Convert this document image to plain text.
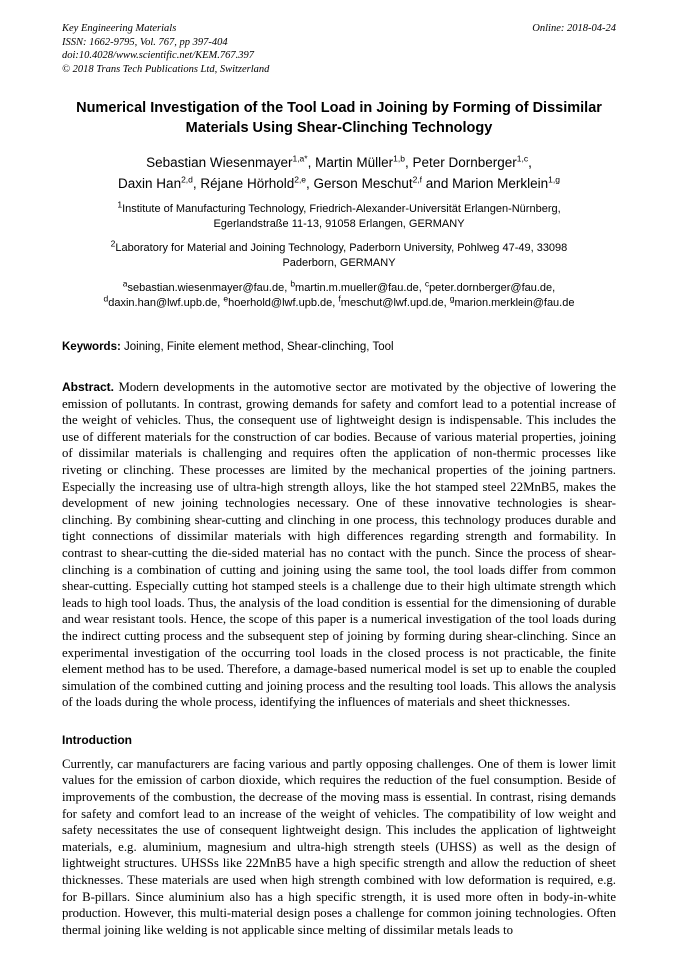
Key Engineering Materials
ISSN: 1662-9795, Vol. 767, pp 397-404
doi:10.4028/www.scientific.net/KEM.767.397
© 2018 Trans Tech Publications Ltd, Switzerland
Online: 2018-04-24
Numerical Investigation of the Tool Load in Joining by Forming of Dissimilar Materials Using Shear-Clinching Technology
Sebastian Wiesenmayer$^{1,a*}$, Martin Müller$^{1,b}$, Peter Dornberger$^{1,c}$,
Daxin Han$^{2,d}$, Réjane Hörhold$^{2,e}$, Gerson Meschut$^{2,f}$ and Marion Merklein$^{1,g}$
$^1$Institute of Manufacturing Technology, Friedrich-Alexander-Universität Erlangen-Nürnberg, Egerlandstraße 11-13, 91058 Erlangen, GERMANY
$^2$Laboratory for Material and Joining Technology, Paderborn University, Pohlweg 47-49, 33098 Paderborn, GERMANY
$^a$sebastian.wiesenmayer@fau.de, $^b$martin.m.mueller@fau.de, $^c$peter.dornberger@fau.de,
$^d$daxin.han@lwf.upb.de, $^e$hoerhold@lwf.upb.de, $^f$meschut@lwf.upd.de, $^g$marion.merklein@fau.de
Keywords: Joining, Finite element method, Shear-clinching, Tool
Abstract. Modern developments in the automotive sector are motivated by the objective of lowering the emission of pollutants. In contrast, growing demands for safety and comfort lead to a potential increase of the weight of vehicles. Thus, the consequent use of lightweight design is indispensable. This includes the use of different materials for the construction of car bodies. Because of various material properties, joining of dissimilar materials is challenging and requires often the application of non-thermic processes like riveting or clinching. These processes are limited by the mechanical properties of the joining partners. Especially the increasing use of ultra-high strength alloys, like the hot stamped steel 22MnB5, makes the development of new joining technologies necessary. One of these innovative technologies is shear-clinching. By combining shear-cutting and clinching in one process, this technology produces durable and tight connections of dissimilar materials with high differences regarding strength and formability. In contrast to shear-cutting the die-sided material has no contact with the punch. Since the process of shear-clinching is a combination of cutting and joining using the same tool, the tool loads differ from common shear-cutting. Especially cutting hot stamped steels is a challenge due to their high ultimate strength which leads to high tool loads. Thus, the analysis of the load condition is essential for the dimensioning of durable and wear resistant tools. Hence, the scope of this paper is a numerical investigation of the tool loads during the indirect cutting process and the subsequent step of joining by forming during shear-clinching. Since an experimental investigation of the occurring tool loads in the closed process is not practicable, the finite element method has to be used. Therefore, a damage-based numerical model is set up to enable the coupled simulation of the combined cutting and joining process and the resulting tool loads. This allows the analysis of the loads during the whole process, identifying the influences of materials and sheet thicknesses.
Introduction
Currently, car manufacturers are facing various and partly opposing challenges. One of them is lower limit values for the emission of carbon dioxide, which requires the reduction of the fuel consumption. Beside of improvements of the combustion, the decrease of the moving mass is essential. In contrast, rising demands for safety and comfort lead to an increase of the weight of vehicles. The compatibility of low weight and safety necessitates the use of consequent lightweight design. This includes the application of lightweight materials, e.g. aluminium, magnesium and ultra-high strength steels (UHSS) as well as the design of lightweight structures. UHSSs like 22MnB5 have a high specific strength and allow the reduction of sheet thicknesses. These materials are used when high strength combined with low deformation is required, e.g. for B-pillars. Since aluminium also has a high specific strength, it is used more often in body-in-white production. However, this multi-material design poses a challenge for common joining technologies. Often thermal joining like welding is not applicable since melting of dissimilar metals leads to
